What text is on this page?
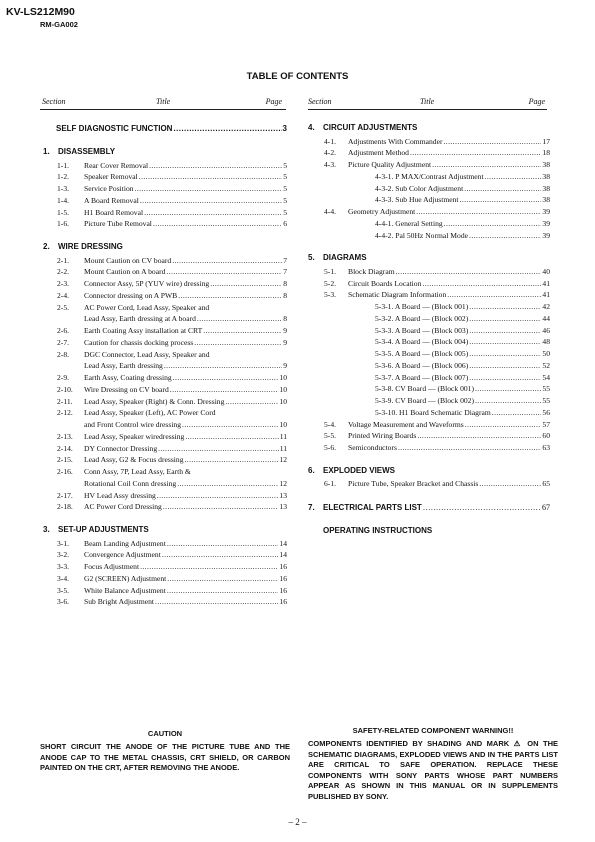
KV-LS212M90
RM-GA002
TABLE OF CONTENTS
Section	Title	Page	Section	Title	Page
CAUTION
SHORT CIRCUIT THE ANODE OF THE PICTURE TUBE AND THE ANODE CAP TO THE METAL CHASSIS, CRT SHIELD, OR CARBON PAINTED ON THE CRT, AFTER REMOVING THE ANODE.
SAFETY-RELATED COMPONENT WARNING!!
COMPONENTS IDENTIFIED BY SHADING AND MARK ⚠ ON THE SCHEMATIC DIAGRAMS, EXPLODED VIEWS AND IN THE PARTS LIST ARE CRITICAL TO SAFE OPERATION. REPLACE THESE COMPONENTS WITH SONY PARTS WHOSE PART NUMBERS APPEAR AS SHOWN IN THIS MANUAL OR IN SUPPLEMENTS PUBLISHED BY SONY.
– 2 –
SELF DIAGNOSTIC FUNCTION .....	3
1. DISASSEMBLY
1-1. Rear Cover Removal .....	5
1-2. Speaker Removal .....	5
1-3. Service Position .....	5
1-4. A Board Removal .....	5
1-5. H1 Board Removal .....	5
1-6. Picture Tube Removal .....	6
2. WIRE DRESSING
2-1. Mount Caution on CV board .....	7
2-2. Mount Caution on A board .....	7
2-3. Connector Assy, 5P (YUV wire) dressing .....	8
2-4. Connector dressing on A PWB .....	8
2-5. AC Power Cord, Lead Assy, Speaker and
Lead Assy, Earth dressing at A board .....	8
2-6. Earth Coating Assy installation at CRT .....	9
2-7. Caution for chassis docking process .....	9
2-8. DGC Connector, Lead Assy, Speaker and
Lead Assy, Earth dressing .....	9
2-9. Earth Assy, Coating dressing .....	10
2-10. Wire Dressing on CV board .....	10
2-11. Lead Assy, Speaker (Right) & Conn. Dressing .....	10
2-12. Lead Assy, Speaker (Left), AC Power Cord
and Front Control wire dressing .....	10
2-13. Lead Assy, Speaker wiredressing .....	11
2-14. DY Connector Dressing .....	11
2-15. Lead Assy, G2 & Focus dressing .....	12
2-16. Conn Assy, 7P, Lead Assy, Earth &
Rotational Coil Conn dressing .....	12
2-17. HV Lead Assy dressing .....	13
2-18. AC Power Cord Dressing .....	13
3. SET-UP ADJUSTMENTS
3-1. Beam Landing Adjustment .....	14
3-2. Convergence Adjustment .....	14
3-3. Focus Adjustment .....	16
3-4. G2 (SCREEN) Adjustment .....	16
3-5. White Balance Adjustment .....	16
3-6. Sub Bright Adjustment .....	16
4. CIRCUIT ADJUSTMENTS
4-1. Adjustments With Commander .....	17
4-2. Adjustment Method .....	18
4-3. Picture Quality Adjustment .....	38
4-3-1. P MAX/Contrast Adjustment .....	38
4-3-2. Sub Color Adjustment .....	38
4-3-3. Sub Hue Adjustment .....	38
4-4. Geometry Adjustment .....	39
4-4-1. General Setting .....	39
4-4-2. Pal 50Hz Normal Mode .....	39
5. DIAGRAMS
5-1. Block Diagram .....	40
5-2. Circuit Boards Location .....	41
5-3. Schematic Diagram Information .....	41
5-3-1. A Board — (Block 001) .....	42
5-3-2. A Board — (Block 002) .....	44
5-3-3. A Board — (Block 003) .....	46
5-3-4. A Board — (Block 004) .....	48
5-3-5. A Board — (Block 005) .....	50
5-3-6. A Board — (Block 006) .....	52
5-3-7. A Board — (Block 007) .....	54
5-3-8. CV Board — (Block 001) .....	55
5-3-9. CV Board — (Block 002) .....	55
5-3-10. H1 Board Schematic Diagram .....	56
5-4. Voltage Measurement and Waveforms .....	57
5-5. Printed Wiring Boards .....	60
5-6. Semiconductors .....	63
6. EXPLODED VIEWS
6-1. Picture Tube, Speaker Bracket and Chassis .....	65
7. ELECTRICAL PARTS LIST .....	67
OPERATING INSTRUCTIONS
